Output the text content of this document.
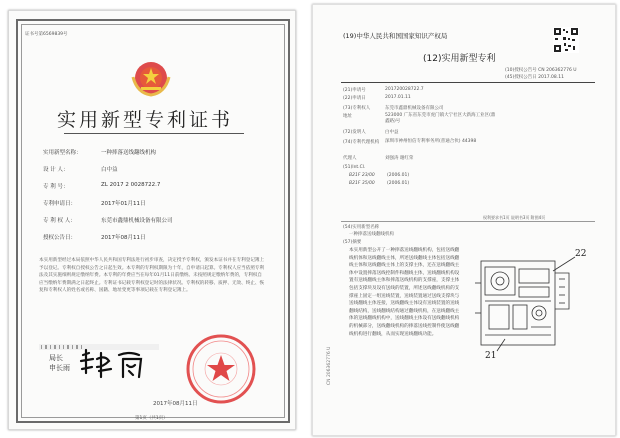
证书号第6569839号
实用新型专利证书
实用新型名称：	一种摔落送线翻线机构
设 计 人：	白中益
专 利 号：	ZL 2017 2 0028722.7
专利申请日：	2017年01月11日
专 利 权 人：	东莞市鑫鼎机械设备有限公司
授权公告日：	2017年08月11日
本实用新型经过本局依照中华人民共和国专利法进行初步审查，决定授予专利权，颁发本证书并在专利登记簿上予以登记。专利权自授权公告之日起生效。本专利的专利权期限为十年，自申请日起算。专利权人应当依照专利法及其实施细则规定缴纳年费。本专利的年费应当在每年01月11日前缴纳。未按照规定缴纳年费的，专利权自应当缴纳年费期满之日起终止。专利证书记载专利权登记时的法律状况。专利权的转移、质押、无效、终止、恢复和专利权人的姓名或名称、国籍、地址变更等事项记载在专利登记簿上。
局长
申长雨
2017年08月11日
第1页（共1页）
(19)中华人民共和国国家知识产权局
(12)实用新型专利
(10)授权公告号 CN 206362776 U
(45)授权公告日 2017.08.11
(21)申请号	201720028722.7
(22)申请日	2017.01.11
(73)专利权人	东莞市鑫鼎机械设备有限公司
地址	523000 广东省东莞市虎门镇大宁社区大新海工业区(鼎鑫路)号
(72)发明人	白中益
(74)专利代理机构 深圳市神州恒信专利事务所(普通合伙) 44398
代理人	刘强涛 谢红荣
(51)Int.Cl.
B21F 23/00	(2006.01)
B21F 35/00	(2006.01)
权利要求书1页 说明书3页 附图4页
(54)实用新型名称
一种摔落送线翻线机构
(57)摘要
本实用新型公开了一种摔落送线翻线机构，包括送线翻线机体和送线翻线主体，所述送线翻线主体包括送线翻线主体和送线翻线主体上的支撑主体，还在送线翻线主体中设置摔落送线控制件和翻线主体，送线翻线机构设置有送线翻线主体和摔落送线机构的支撑座，支撑主体包括支撑块及设有送线的装置，所述送线翻线机构的支撑座上固定一组送线装置，送线装置通过送线支撑块与送线翻线主体连接，送线翻线主体设有送线装置的送线翻线结构，送线翻线结构通过翻线机构，在送线翻线主体的送线翻线机构中，送线翻线主体设有送线翻线机构的机械部分，送线翻线机构的摔落送线控制件使送线翻线机构进行翻线，从而实现送线翻线功能。
22
21
CN 206362776 U
